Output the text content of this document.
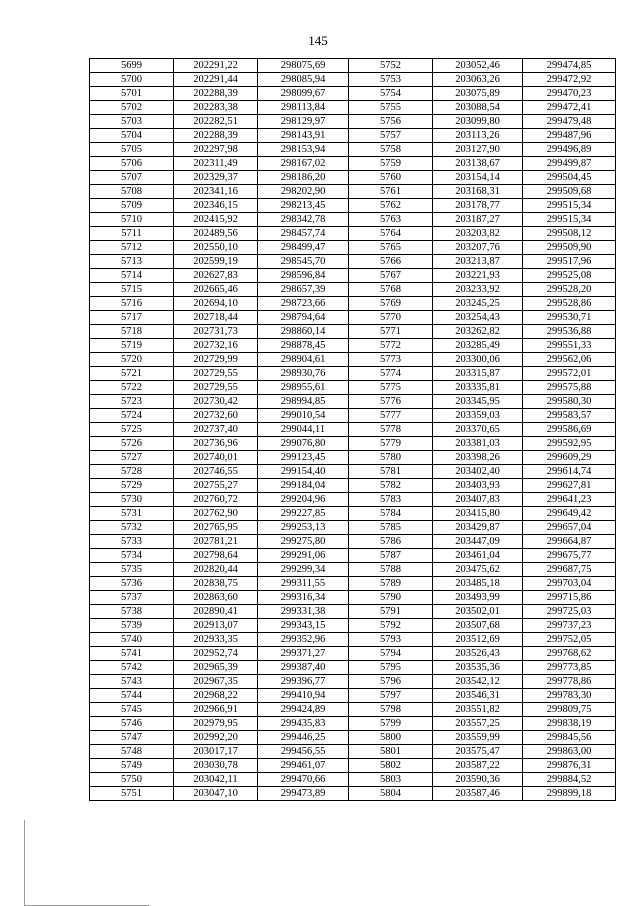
145
5699	202291,22	298075,69	5752	203052,46	299474,85
5700	202291,44	298085,94	5753	203063,26	299472,92
5701	202288,39	298099,67	5754	203075,89	299470,23
5702	202283,38	298113,84	5755	203088,54	299472,41
5703	202282,51	298129,97	5756	203099,80	299479,48
5704	202288,39	298143,91	5757	203113,26	299487,96
5705	202297,98	298153,94	5758	203127,90	299496,89
5706	202311,49	298167,02	5759	203138,67	299499,87
5707	202329,37	298186,20	5760	203154,14	299504,45
5708	202341,16	298202,90	5761	203168,31	299509,68
5709	202346,15	298213,45	5762	203178,77	299515,34
5710	202415,92	298342,78	5763	203187,27	299515,34
5711	202489,56	298457,74	5764	203203,82	299508,12
5712	202550,10	298499,47	5765	203207,76	299509,90
5713	202599,19	298545,70	5766	203213,87	299517,96
5714	202627,83	298596,84	5767	203221,93	299525,08
5715	202665,46	298657,39	5768	203233,92	299528,20
5716	202694,10	298723,66	5769	203245,25	299528,86
5717	202718,44	298794,64	5770	203254,43	299530,71
5718	202731,73	298860,14	5771	203262,82	299536,88
5719	202732,16	298878,45	5772	203285,49	299551,33
5720	202729,99	298904,61	5773	203300,06	299562,06
5721	202729,55	298930,76	5774	203315,87	299572,01
5722	202729,55	298955,61	5775	203335,81	299575,88
5723	202730,42	298994,85	5776	203345,95	299580,30
5724	202732,60	299010,54	5777	203359,03	299583,57
5725	202737,40	299044,11	5778	203370,65	299586,69
5726	202736,96	299076,80	5779	203381,03	299592,95
5727	202740,01	299123,45	5780	203398,26	299609,29
5728	202746,55	299154,40	5781	203402,40	299614,74
5729	202755,27	299184,04	5782	203403,93	299627,81
5730	202760,72	299204,96	5783	203407,83	299641,23
5731	202762,90	299227,85	5784	203415,80	299649,42
5732	202765,95	299253,13	5785	203429,87	299657,04
5733	202781,21	299275,80	5786	203447,09	299664,87
5734	202798,64	299291,06	5787	203461,04	299675,77
5735	202820,44	299299,34	5788	203475,62	299687,75
5736	202838,75	299311,55	5789	203485,18	299703,04
5737	202863,60	299316,34	5790	203493,99	299715,86
5738	202890,41	299331,38	5791	203502,01	299725,03
5739	202913,07	299343,15	5792	203507,68	299737,23
5740	202933,35	299352,96	5793	203512,69	299752,05
5741	202952,74	299371,27	5794	203526,43	299768,62
5742	202965,39	299387,40	5795	203535,36	299773,85
5743	202967,35	299396,77	5796	203542,12	299778,86
5744	202968,22	299410,94	5797	203546,31	299783,30
5745	202966,91	299424,89	5798	203551,82	299809,75
5746	202979,95	299435,83	5799	203557,25	299838,19
5747	202992,20	299446,25	5800	203559,99	299845,56
5748	203017,17	299456,55	5801	203575,47	299863,00
5749	203030,78	299461,07	5802	203587,22	299876,31
5750	203042,11	299470,66	5803	203590,36	299884,52
5751	203047,10	299473,89	5804	203587,46	299899,18
